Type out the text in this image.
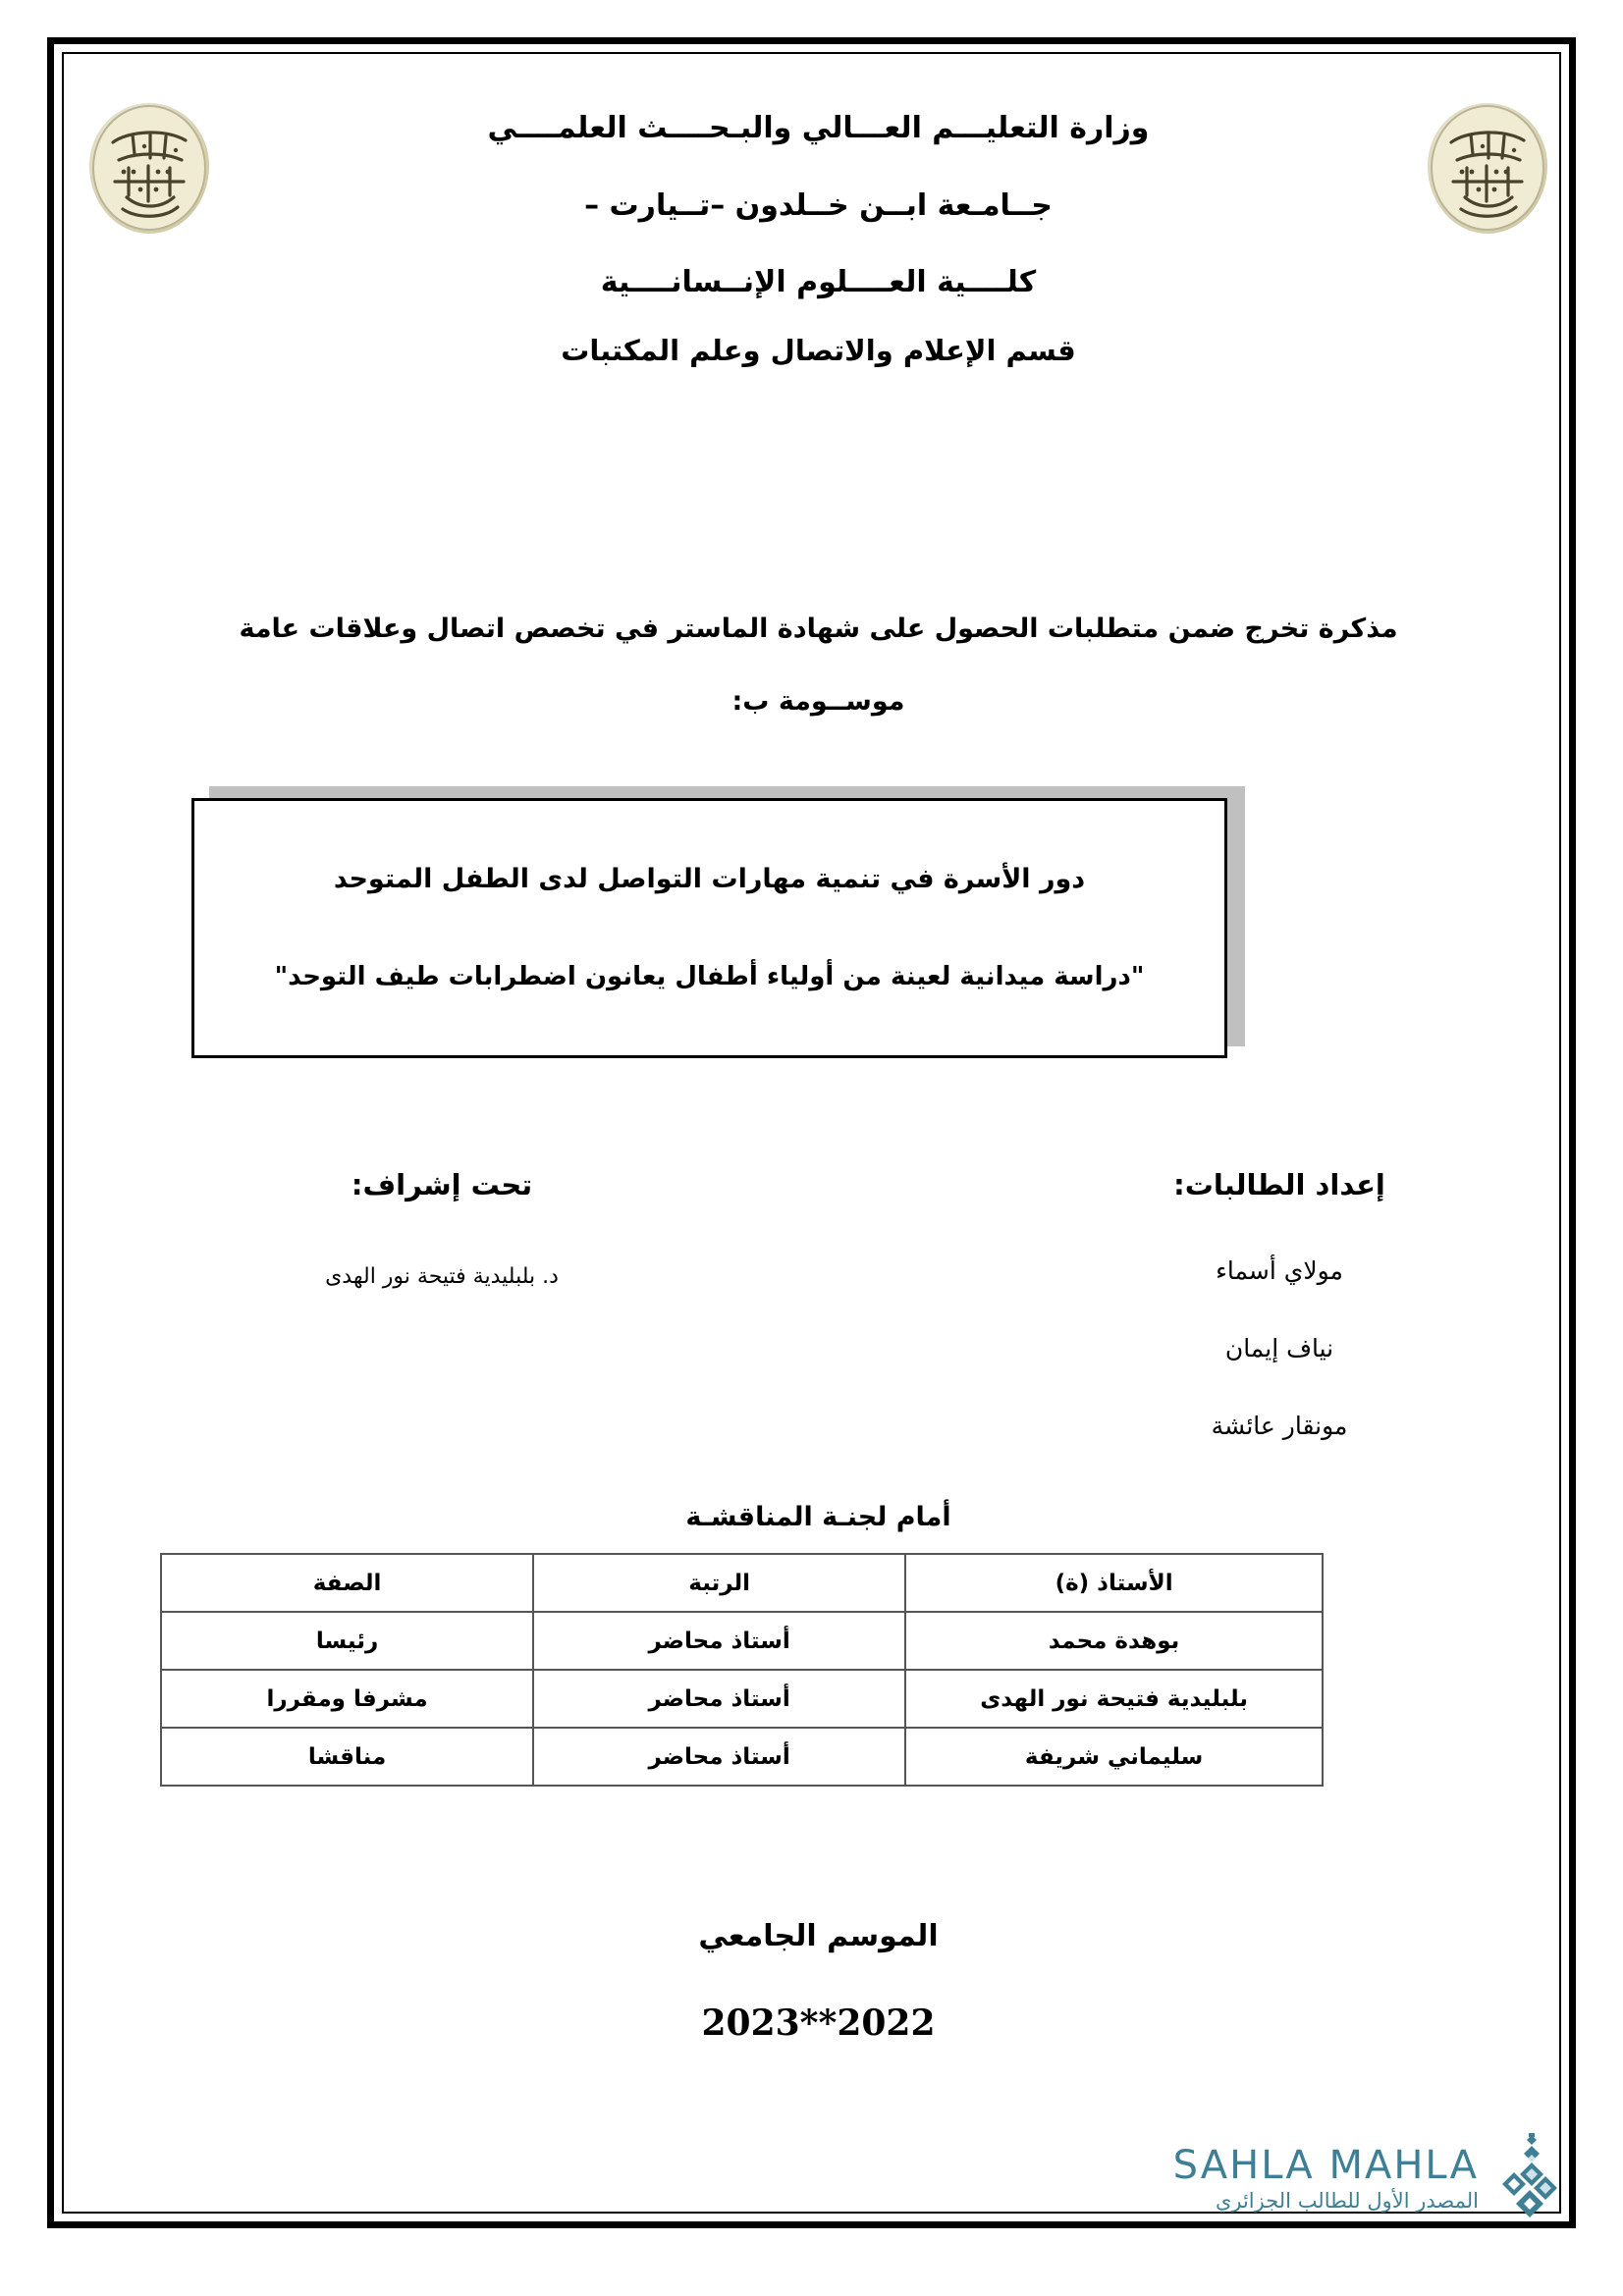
وزارة التعليـــم العـــالي والبـحــــث العلمــــي
جــامـعة ابــن خــلدون –تــيارت –
كلــــية العــــلوم الإنــسانــــية
قسم الإعلام والاتصال وعلم المكتبات
مذكرة تخرج ضمن متطلبات الحصول على شهادة الماستر في تخصص اتصال وعلاقات عامة
موســومة ب:
دور الأسرة في تنمية مهارات التواصل لدى الطفل المتوحد
"دراسة ميدانية لعينة من أولياء أطفال يعانون اضطرابات طيف التوحد"
إعداد الطالبات:
مولاي أسماء
نياف إيمان
مونقار عائشة
تحت إشراف:
د. بلبليدية فتيحة نور الهدى
أمام لجنـة المناقشـة
الأستاذ (ة)	الرتبة	الصفة
بوهدة محمد	أستاذ محاضر	رئيسا
بلبليدية فتيحة نور الهدى	أستاذ محاضر	مشرفا ومقررا
سليماني شريفة	أستاذ محاضر	مناقشا
الموسم الجامعي
2023**2022
SAHLA MAHLA
المصدر الأول للطالب الجزائري
